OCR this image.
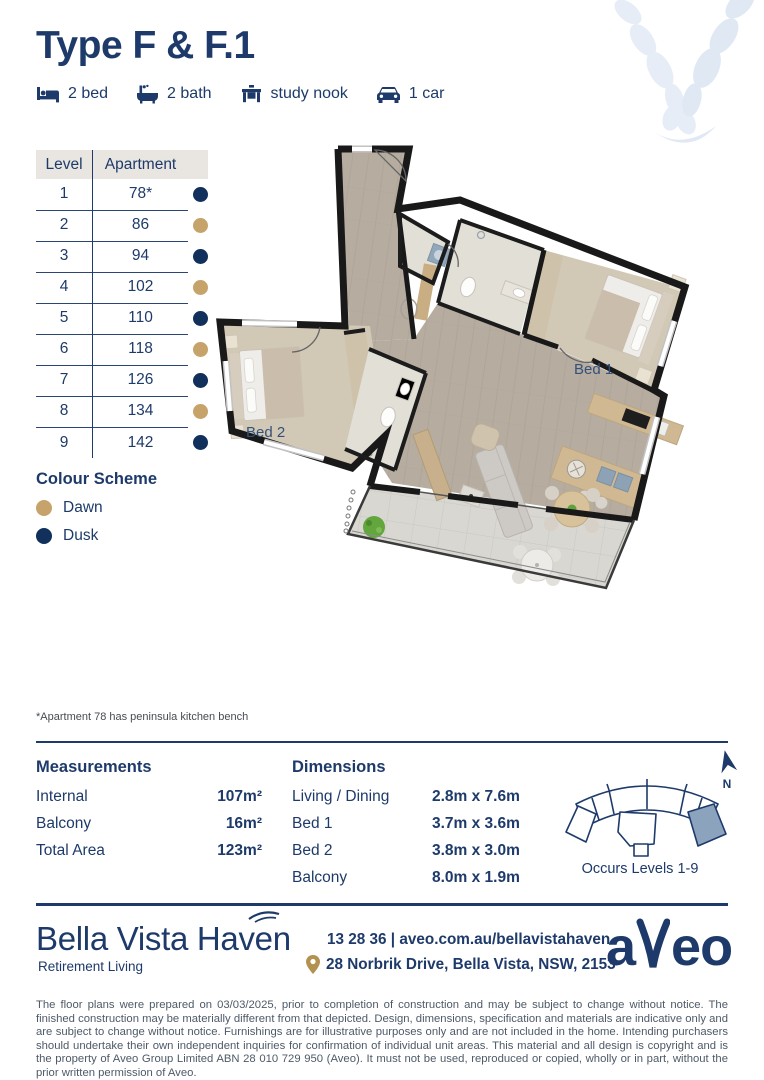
Type F & F.1
2 bed	2 bath	study nook	1 car
Level	Apartment
1	78*
2	86
3	94
4	102
5	110
6	118
7	126
8	134
9	142
Colour Scheme
Dawn
Dusk
Bed 1
Bed 2
*Apartment 78 has peninsula kitchen bench
Measurements
Internal	107m²
Balcony	16m²
Total Area	123m²
Dimensions
Living / Dining	2.8m x 7.6m
Bed 1	3.7m x 3.6m
Bed 2	3.8m x 3.0m
Balcony	8.0m x 1.9m
N
Occurs Levels 1-9
Bella Vista Haven
Retirement Living
13 28 36 | aveo.com.au/bellavistahaven
28 Norbrik Drive, Bella Vista, NSW, 2153
a eo
The floor plans were prepared on 03/03/2025, prior to completion of construction and may be subject to change without notice. The finished construction may be materially different from that depicted. Design, dimensions, specification and materials are indicative only and are subject to change without notice. Furnishings are for illustrative purposes only and are not included in the home. Intending purchasers should undertake their own independent inquiries for confirmation of individual unit areas. This material and all design is copyright and is the property of Aveo Group Limited ABN 28 010 729 950 (Aveo). It must not be used, reproduced or copied, wholly or in part, without the prior written permission of Aveo.
